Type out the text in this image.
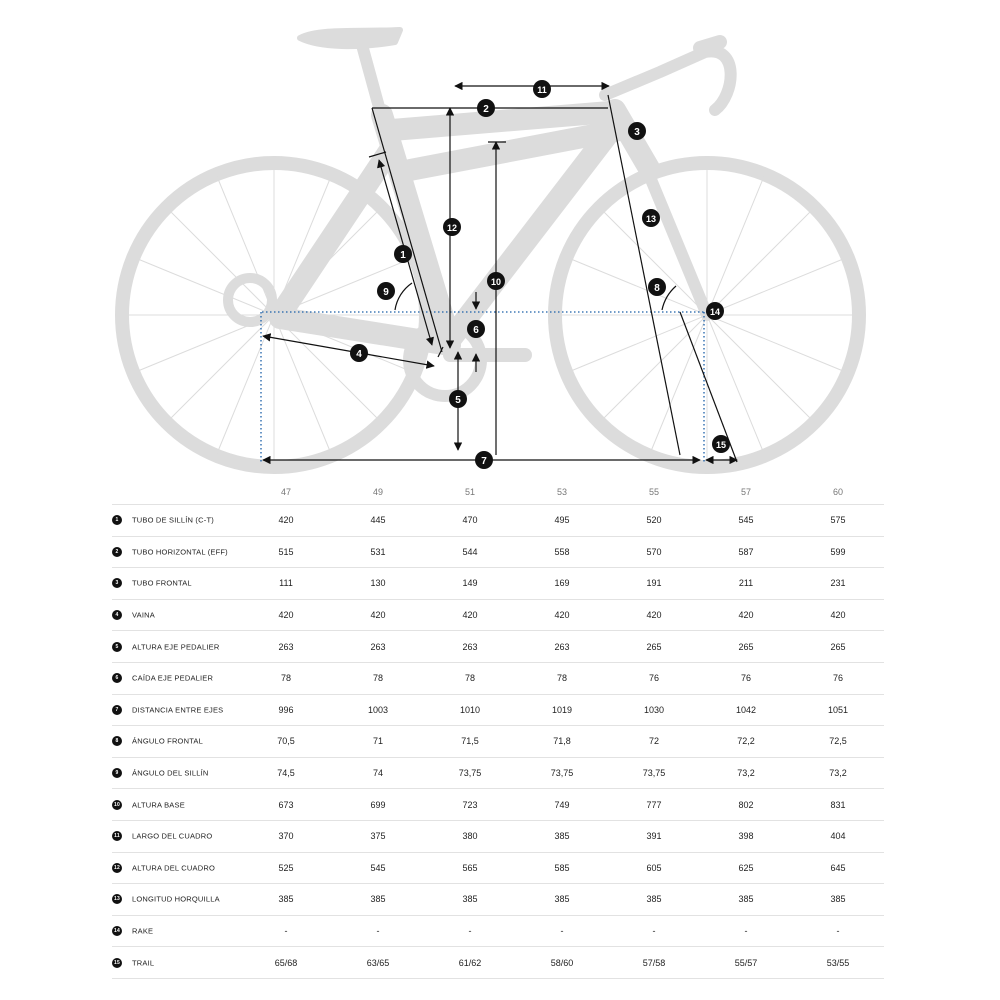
1
2
3
4
5
6
7
8
9
10
11
12
13
14
15
	47	49	51	53	55	57	60
1 TUBO DE SILLÍN (C-T)	420	445	470	495	520	545	575
2 TUBO HORIZONTAL (EFF)	515	531	544	558	570	587	599
3 TUBO FRONTAL	111	130	149	169	191	211	231
4 VAINA	420	420	420	420	420	420	420
5 ALTURA EJE PEDALIER	263	263	263	263	265	265	265
6 CAÍDA EJE PEDALIER	78	78	78	78	76	76	76
7 DISTANCIA ENTRE EJES	996	1003	1010	1019	1030	1042	1051
8 ÁNGULO FRONTAL	70,5	71	71,5	71,8	72	72,2	72,5
9 ÁNGULO DEL SILLÍN	74,5	74	73,75	73,75	73,75	73,2	73,2
10 ALTURA BASE	673	699	723	749	777	802	831
11 LARGO DEL CUADRO	370	375	380	385	391	398	404
12 ALTURA DEL CUADRO	525	545	565	585	605	625	645
13 LONGITUD HORQUILLA	385	385	385	385	385	385	385
14 RAKE	-	-	-	-	-	-	-
15 TRAIL	65/68	63/65	61/62	58/60	57/58	55/57	53/55
